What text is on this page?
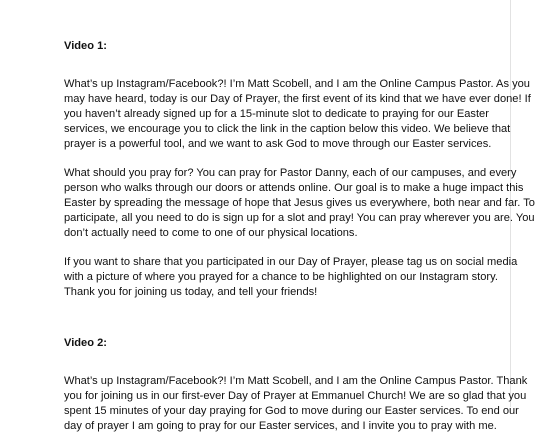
Video 1:

What’s up Instagram/Facebook?! I’m Matt Scobell, and I am the Online Campus Pastor. As you

may have heard, today is our Day of Prayer, the first event of its kind that we have ever done! If

you haven’t already signed up for a 15-minute slot to dedicate to praying for our Easter

services, we encourage you to click the link in the caption below this video. We believe that

prayer is a powerful tool, and we want to ask God to move through our Easter services.

What should you pray for? You can pray for Pastor Danny, each of our campuses, and every

person who walks through our doors or attends online. Our goal is to make a huge impact this

Easter by spreading the message of hope that Jesus gives us everywhere, both near and far. To

participate, all you need to do is sign up for a slot and pray! You can pray wherever you are. You

don’t actually need to come to one of our physical locations.

If you want to share that you participated in our Day of Prayer, please tag us on social media

with a picture of where you prayed for a chance to be highlighted on our Instagram story.

Thank you for joining us today, and tell your friends!

Video 2:

What’s up Instagram/Facebook?! I’m Matt Scobell, and I am the Online Campus Pastor. Thank

you for joining us in our first-ever Day of Prayer at Emmanuel Church! We are so glad that you

spent 15 minutes of your day praying for God to move during our Easter services. To end our

day of prayer I am going to pray for our Easter services, and I invite you to pray with me.
